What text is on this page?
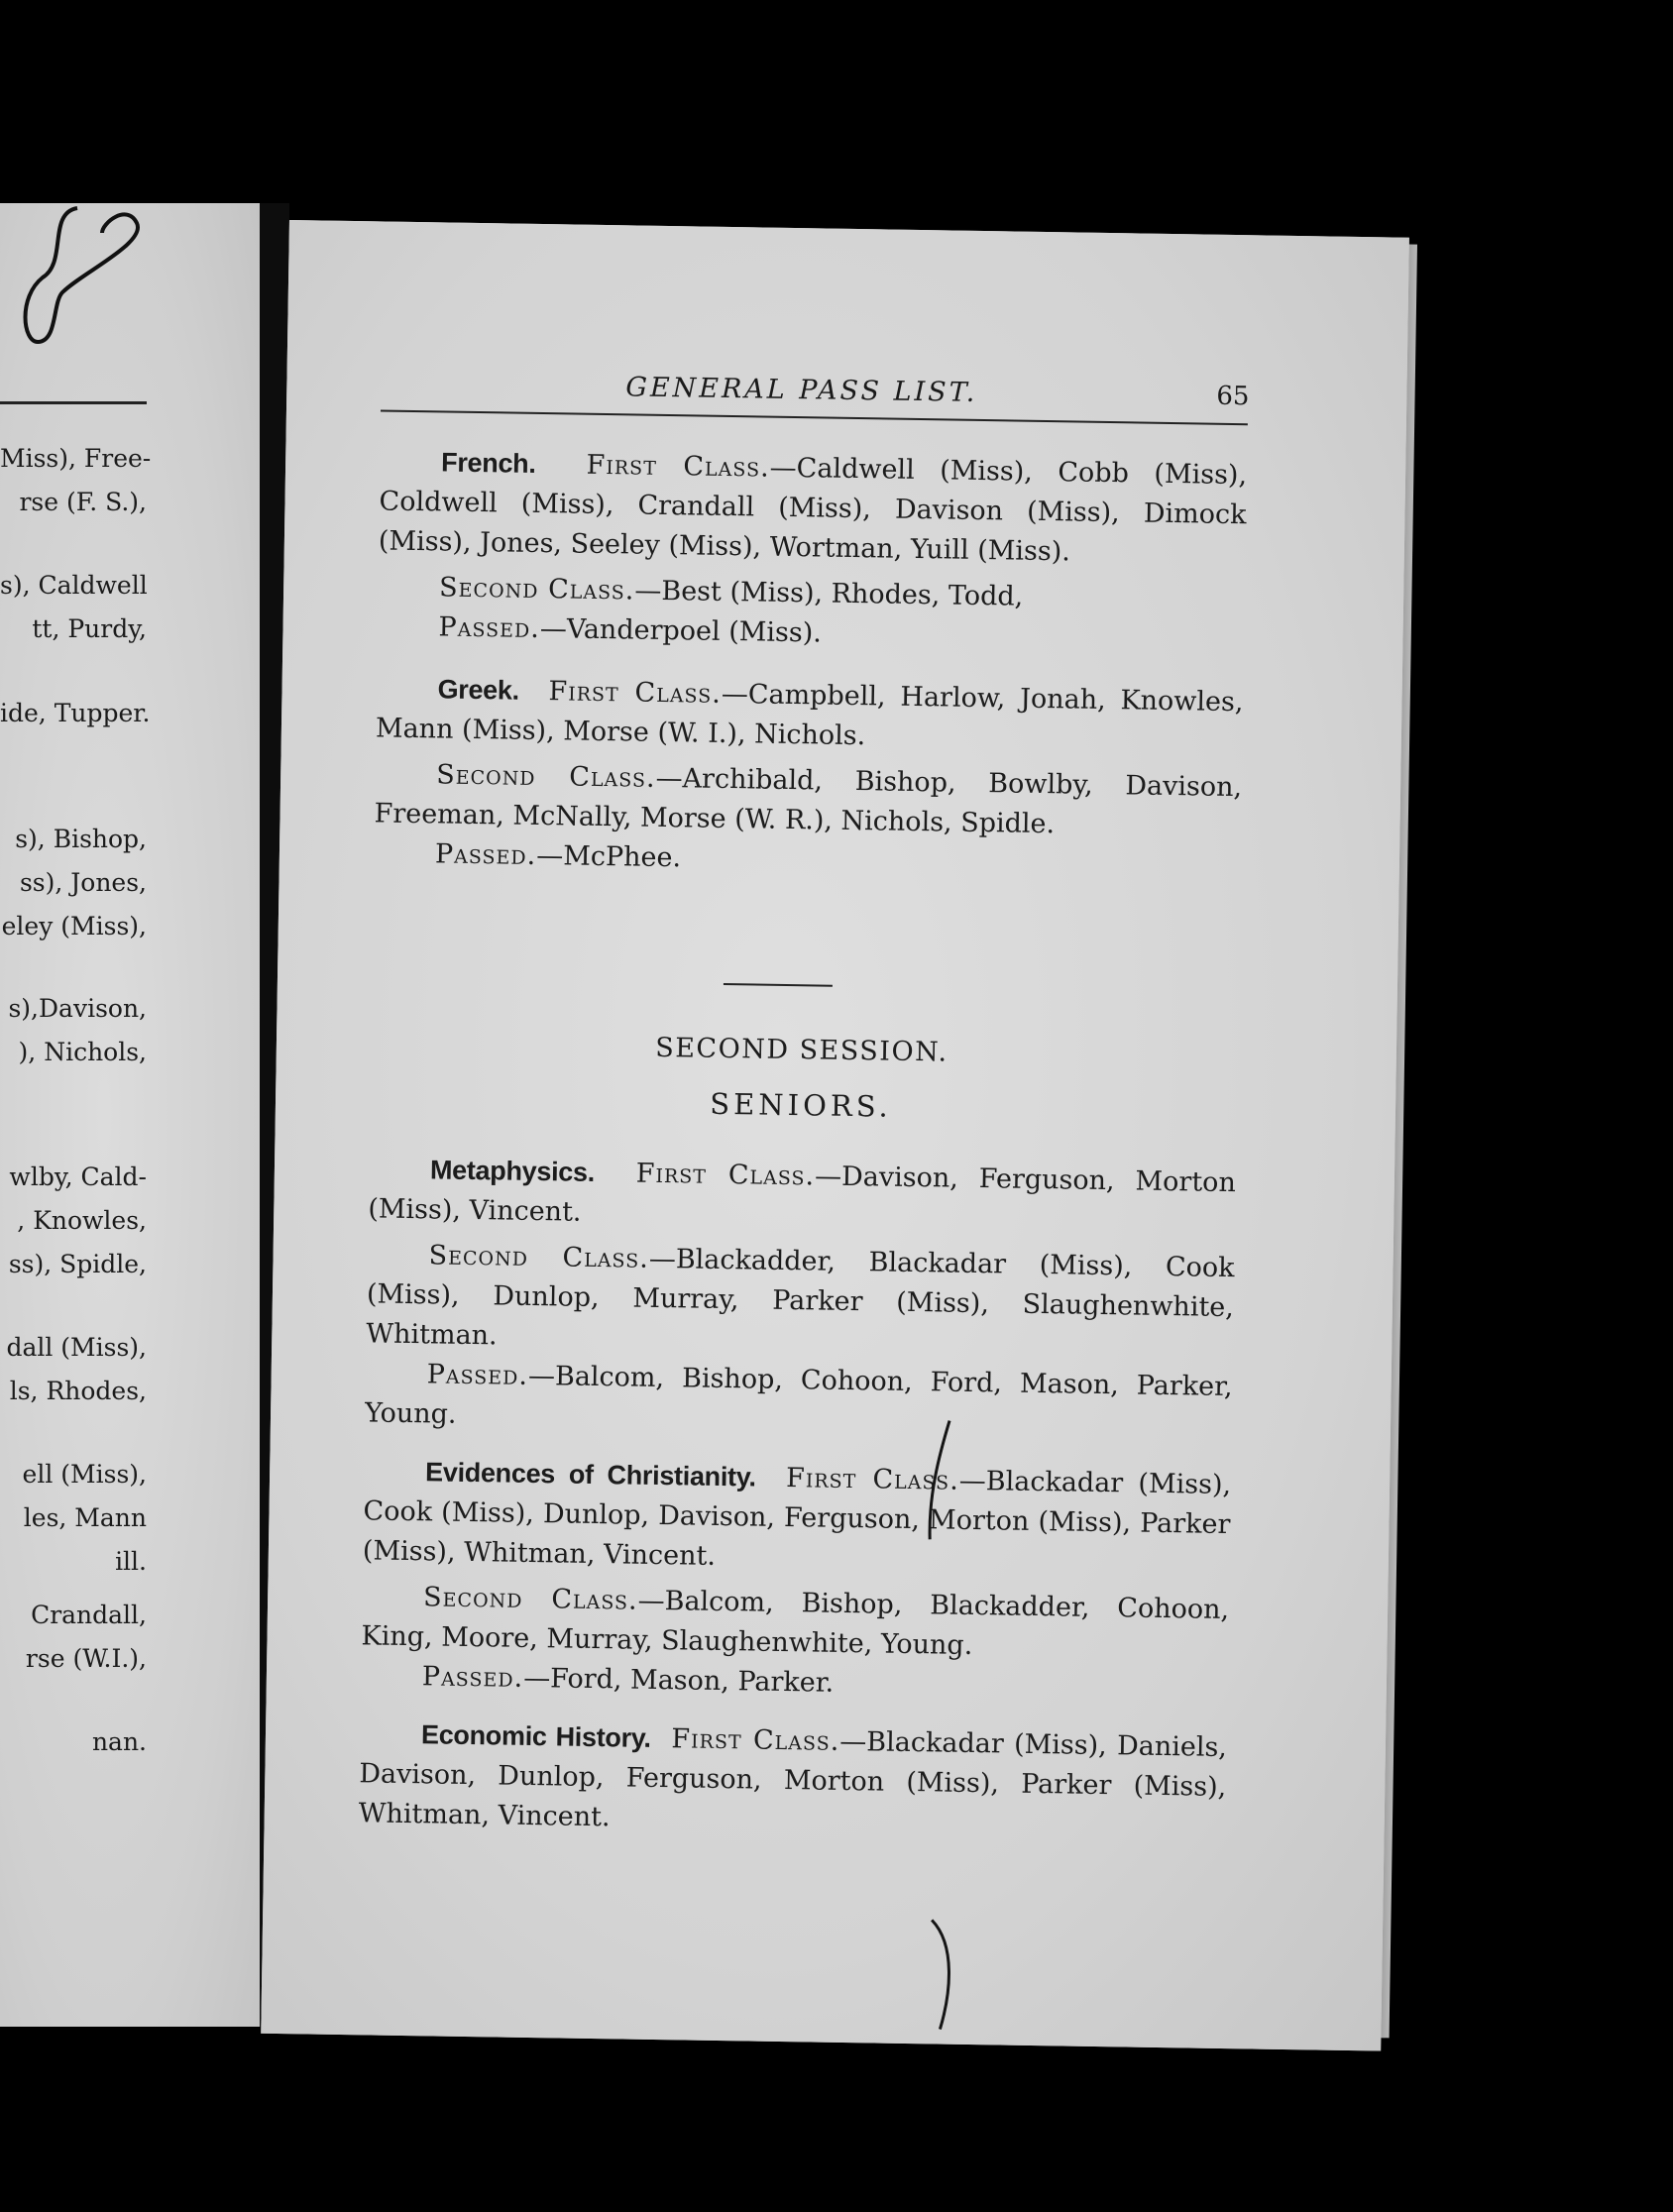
Miss), Free-
rse (F. S.),
s), Caldwell
tt, Purdy,
ide, Tupper.
s), Bishop,
ss), Jones,
eley (Miss),
s),Davison,
), Nichols,
wlby, Cald-
, Knowles,
ss), Spidle,
dall (Miss),
ls, Rhodes,
ell (Miss),
les, Mann
ill.
Crandall,
rse (W.I.),
nan.
GENERAL PASS LIST.	65

French. First Class.—Caldwell (Miss), Cobb (Miss), Coldwell (Miss), Crandall (Miss), Davison (Miss), Dimock (Miss), Jones, Seeley (Miss), Wortman, Yuill (Miss).

Second Class.—Best (Miss), Rhodes, Todd,

Passed.—Vanderpoel (Miss).

Greek. First Class.—Campbell, Harlow, Jonah, Knowles, Mann (Miss), Morse (W. I.), Nichols.

Second Class.—Archibald, Bishop, Bowlby, Davison, Freeman, McNally, Morse (W. R.), Nichols, Spidle.

Passed.—McPhee.

SECOND SESSION.
SENIORS.

Metaphysics. First Class.—Davison, Ferguson, Morton (Miss), Vincent.

Second Class.—Blackadder, Blackadar (Miss), Cook (Miss), Dunlop, Murray, Parker (Miss), Slaughenwhite, Whitman.

Passed.—Balcom, Bishop, Cohoon, Ford, Mason, Parker, Young.

Evidences of Christianity. First Class.—Blackadar (Miss), Cook (Miss), Dunlop, Davison, Ferguson, Morton (Miss), Parker (Miss), Whitman, Vincent.

Second Class.—Balcom, Bishop, Blackadder, Cohoon, King, Moore, Murray, Slaughenwhite, Young.

Passed.—Ford, Mason, Parker.

Economic History. First Class.—Blackadar (Miss), Daniels, Davison, Dunlop, Ferguson, Morton (Miss), Parker (Miss), Whitman, Vincent.
